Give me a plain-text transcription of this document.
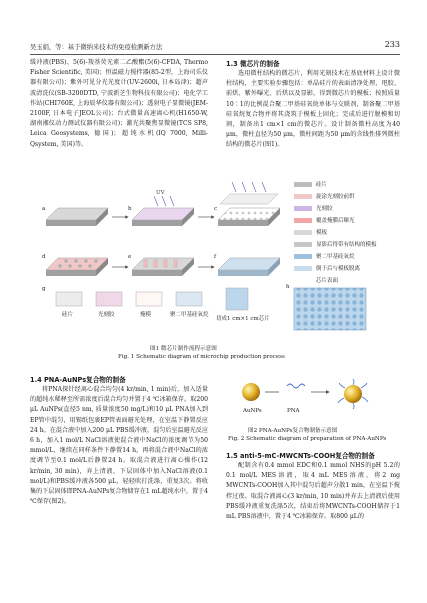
吴玉娟，等：基于微纳米技术的免疫检测新方法	233

缓冲液(PBS)、5(6)-羧基荧光素二乙酸酯(5(6)-CFDA, Thermo Fisher Scientific, 美国)；恒温磁力搅拌器(85-2型，上海司乐仪器有限公司)；紫外可见分光光度计(UV-2600i, 日本岛津)；超声波清洗仪(SB-3200DTD, 宁波新芝生物科技有限公司)；电化学工作站(CHI760E, 上海辰华仪器有限公司)；透射电子显微镜(JEM-2100F, 日本电子JEOL公司)；台式微量高速离心机(H1650-W, 湖南湘仪动力测试仪器有限公司)；激光共聚焦显微镜(TCS SP8, Leica Geosystems, 德国)；超纯水机(IQ 7000, Milli-Qsystem, 美国)等。

1.3 微芯片的制备

选用微柱结构的微芯片，利用光刻技术在基底材料上设计微柱结构，主要实验步骤包括：单晶硅片的表面清净处理、甩胶、前烘、紫外曝光、后烘以及显影，得到微芯片的模板；按照质量10∶1的比例混合聚二甲基硅氧烷单体与交联剂，制备聚二甲基硅氧烷复合物并将其浇筑于模板上固化；完成后进行脱模和切割，制备出1 cm×1 cm的微芯片。设计制备微柱高度为40 μm，微柱直径为50 μm，微柱间距为50 μm的含线性排列微柱结构的微芯片(图1)。

UV
a	b	c
d	e	f
g	h
硅片	光刻胶	掩模	聚二甲基硅氧烷
切成1 cm×1 cm芯片
硅片
旋涂光刻胶前烘
光刻胶
覆盖掩膜后曝光
模板
显影后得带有结构的模板
聚二甲基硅氧烷
倒于后与模板脱离
芯片表面
图1 微芯片制作流程示意图
Fig. 1 Schematic diagram of microchip production process
1.4 PNA-AuNPs复合物的制备

将PNA探针经离心混合均匀(4 kr/min, 1 min)后，加入适量的超纯水稀释至所需浓度后混合均匀并置于4 ℃冰箱保存。取200 μL AuNPs(直径5 nm, 质量浓度50 mg/L)和10 μL PNA加入到EP管中混匀，用锡纸包裹EP管表面避光处理，在室温下静置反应24 h。在混合液中加入200 μL PBS缓冲液，混匀后室温避光反应6 h，加入1 mol/L NaCl溶液使混合液中NaCl的浓度调节为50 mmol/L，继续在同样条件下静置14 h，再将混合液中NaCl的浓度调节至0.1 mol/L后静置24 h。取混合液进行离心操作(12 kr/min, 30 min)，弃上清液，下层固体中加入NaCl溶液(0.1 mol/L)和PBS缓冲液各500 μL，轻轻吹打洗涤，重复3次。将收集的下层固体即PNA-AuNPs复合物储存在1 mL超纯水中，置于4 ℃保存(图2)。

AuNPs	PNA
图2 PNA-AuNPs复合物制备示意图
Fig. 2 Schematic diagram of preparation of PNA-AuNPs
1.5 anti-5-mC-MWCNTs-COOH复合物的制备

配制含有0.4 mmol EDC和0.1 mmol NHS的pH 5.2的0.1 mol/L MES溶液，取4 mL MES溶液，将2 mg MWCNTs-COOH加入其中混匀后超声分散1 min，在室温下搅拌过夜。取混合液离心(3 kr/min, 10 min)并弃去上清液后使用PBS缓冲液重复洗涤5次，结束后将MWCNTs-COOH储存于1 mL PBS溶液中，置于4 ℃冰箱保存。取800 μL的
